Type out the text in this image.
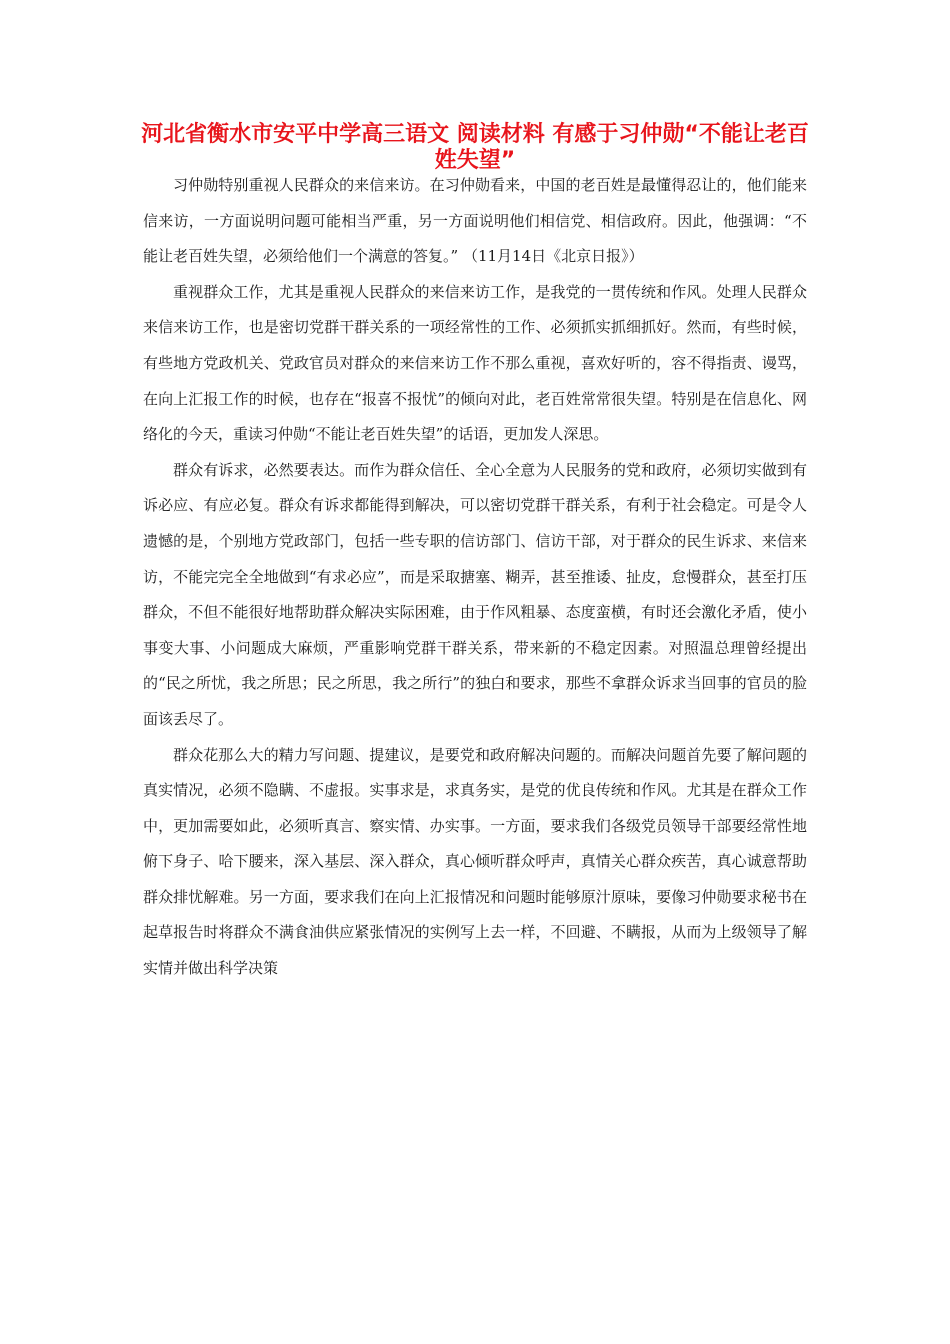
河北省衡水市安平中学高三语文 阅读材料 有感于习仲勋“不能让老百姓失望”

习仲勋特别重视人民群众的来信来访。在习仲勋看来，中国的老百姓是最懂得忍让的，他们能来信来访，一方面说明问题可能相当严重，另一方面说明他们相信党、相信政府。因此，他强调：“不能让老百姓失望，必须给他们一个满意的答复。” （11月14日《北京日报》）

重视群众工作，尤其是重视人民群众的来信来访工作，是我党的一贯传统和作风。处理人民群众来信来访工作，也是密切党群干群关系的一项经常性的工作、必须抓实抓细抓好。然而，有些时候，有些地方党政机关、党政官员对群众的来信来访工作不那么重视，喜欢好听的，容不得指责、谩骂，在向上汇报工作的时候，也存在“报喜不报忧”的倾向对此，老百姓常常很失望。特别是在信息化、网络化的今天，重读习仲勋“不能让老百姓失望”的话语，更加发人深思。

群众有诉求，必然要表达。而作为群众信任、全心全意为人民服务的党和政府，必须切实做到有诉必应、有应必复。群众有诉求都能得到解决，可以密切党群干群关系，有利于社会稳定。可是令人遗憾的是，个别地方党政部门，包括一些专职的信访部门、信访干部，对于群众的民生诉求、来信来访，不能完完全全地做到“有求必应”，而是采取搪塞、糊弄，甚至推诿、扯皮，怠慢群众，甚至打压群众，不但不能很好地帮助群众解决实际困难，由于作风粗暴、态度蛮横，有时还会激化矛盾，使小事变大事、小问题成大麻烦，严重影响党群干群关系，带来新的不稳定因素。对照温总理曾经提出的“民之所忧，我之所思；民之所思，我之所行”的独白和要求，那些不拿群众诉求当回事的官员的脸面该丢尽了。

群众花那么大的精力写问题、提建议，是要党和政府解决问题的。而解决问题首先要了解问题的真实情况，必须不隐瞒、不虚报。实事求是，求真务实，是党的优良传统和作风。尤其是在群众工作中，更加需要如此，必须听真言、察实情、办实事。一方面，要求我们各级党员领导干部要经常性地俯下身子、哈下腰来，深入基层、深入群众，真心倾听群众呼声，真情关心群众疾苦，真心诚意帮助群众排忧解难。另一方面，要求我们在向上汇报情况和问题时能够原汁原味，要像习仲勋要求秘书在起草报告时将群众不满食油供应紧张情况的实例写上去一样，不回避、不瞒报，从而为上级领导了解实情并做出科学决策
